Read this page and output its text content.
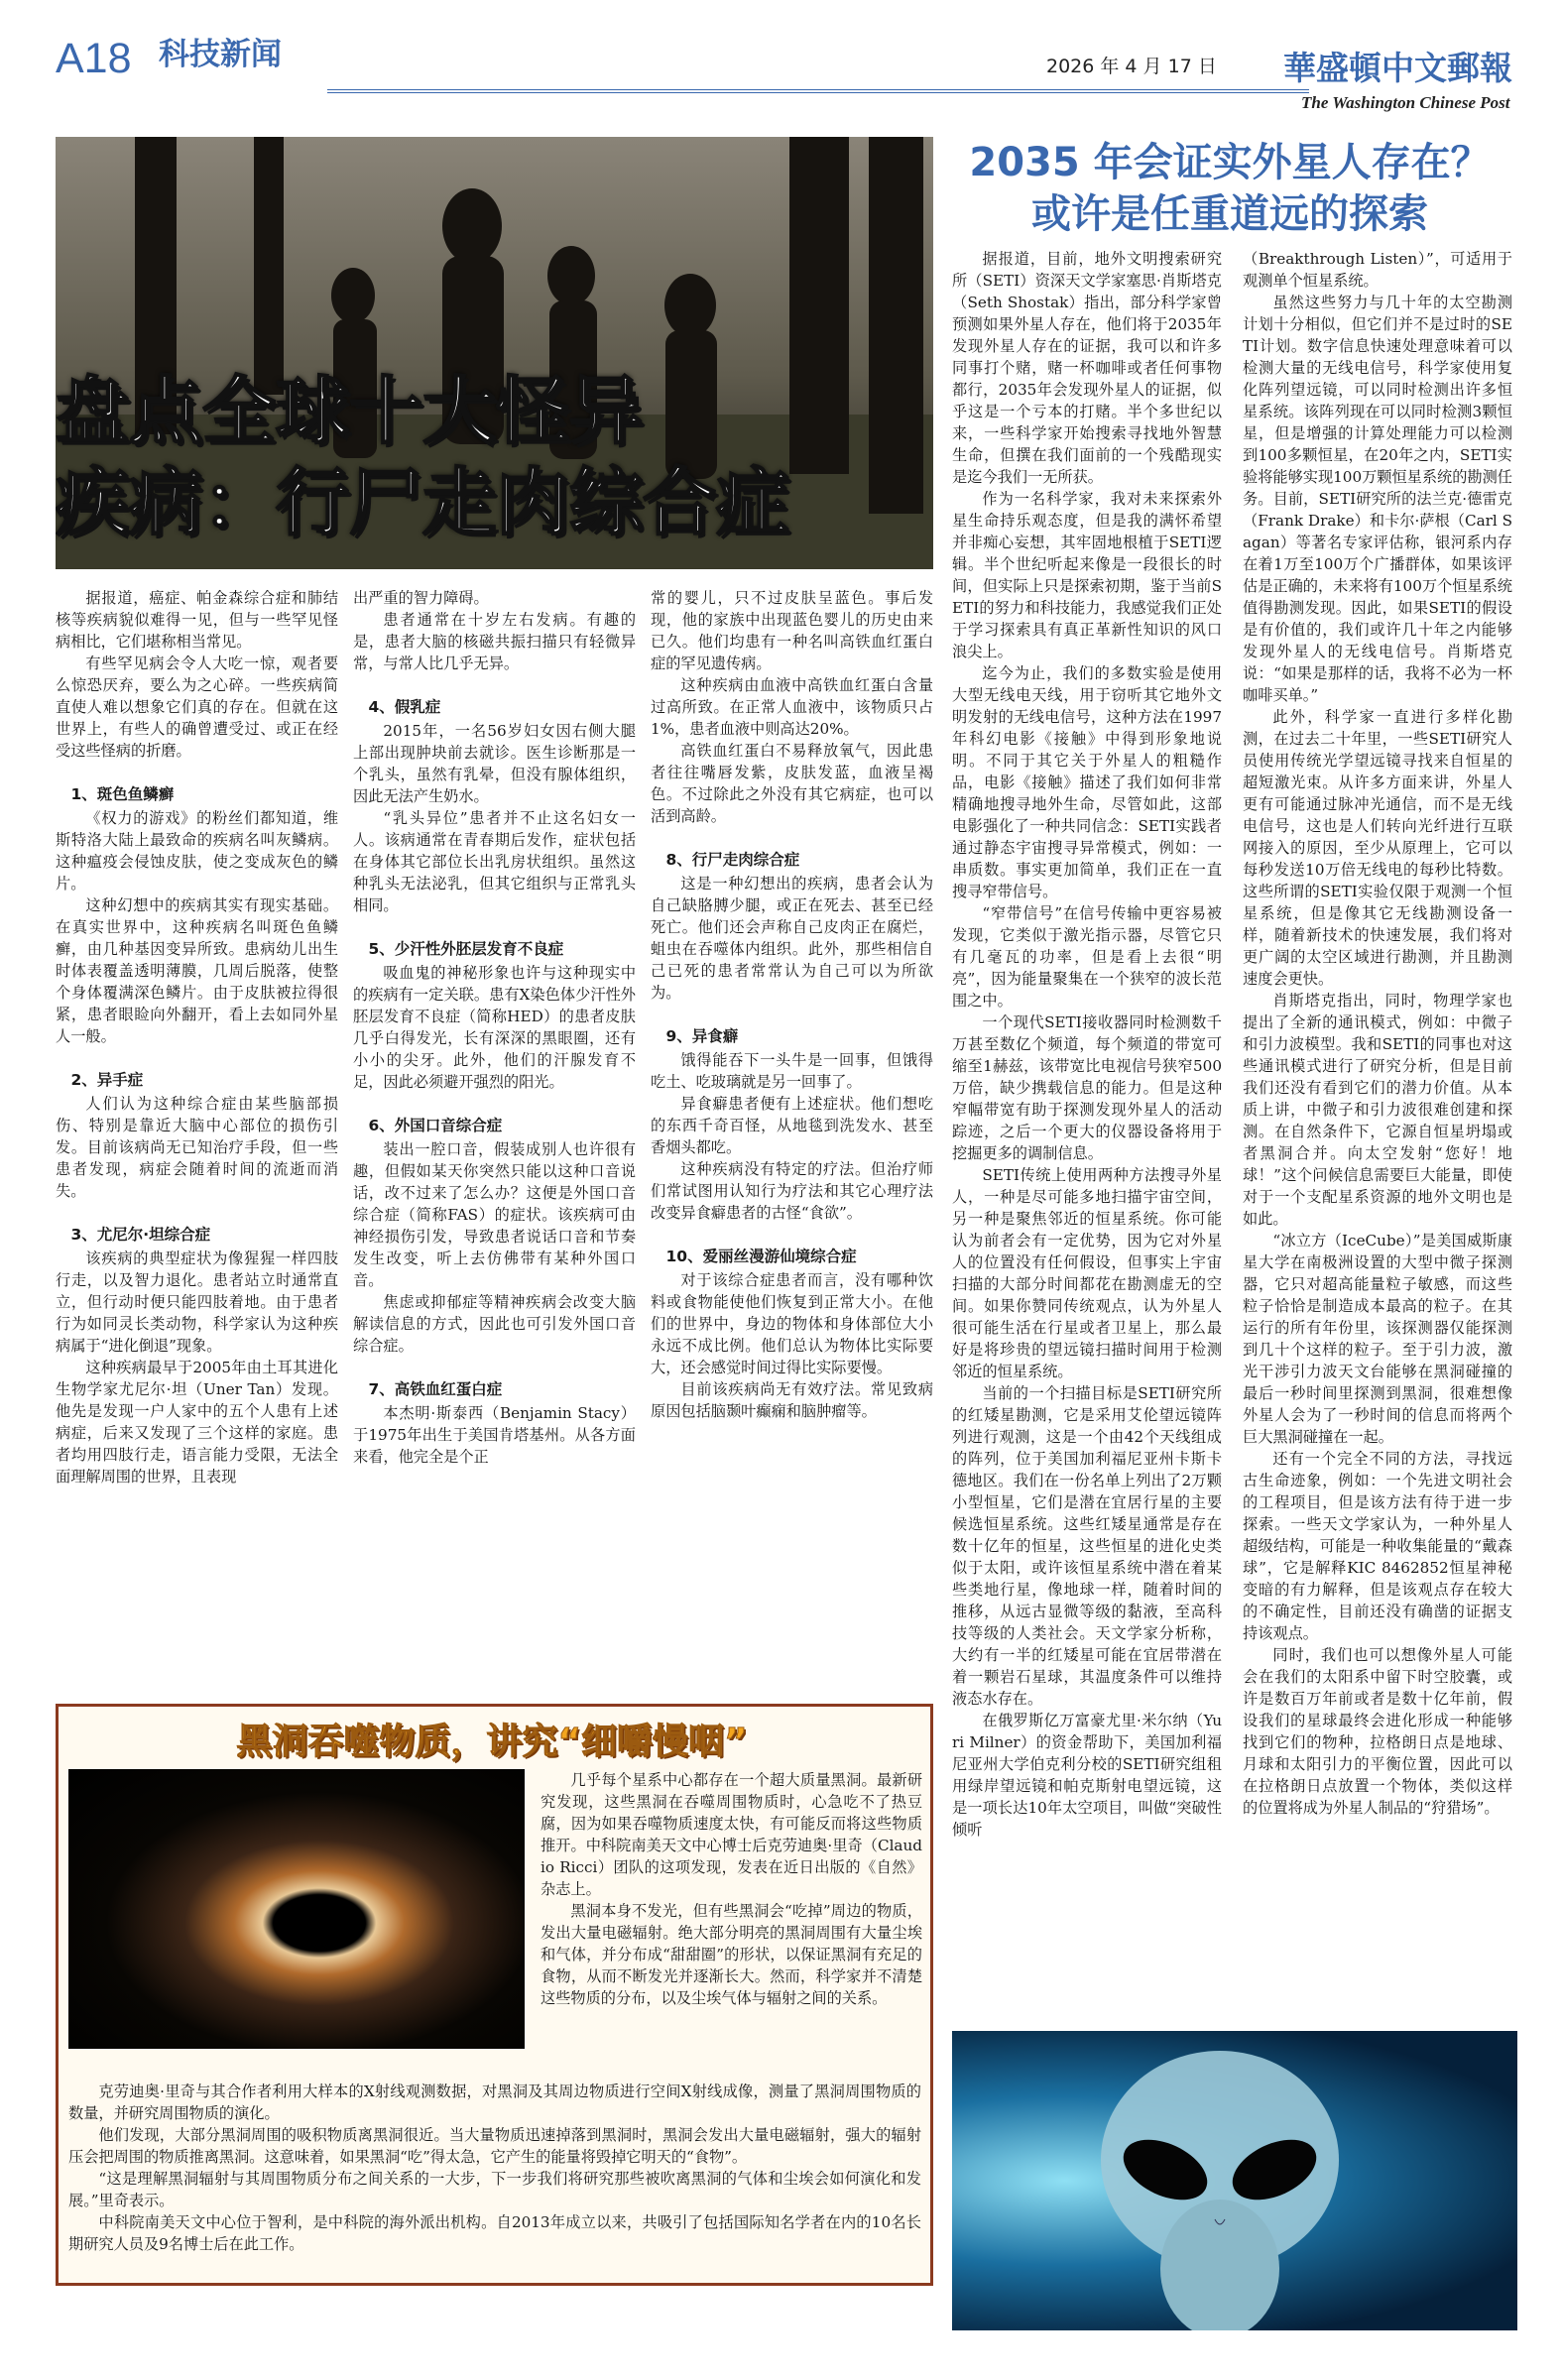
A18 科技新闻	2026 年 4 月 17 日 華盛頓中文郵報
The Washington Chinese Post
盘点全球十大怪异
疾病：行尸走肉综合症

据报道，癌症、帕金森综合症和肺结核等疾病貌似难得一见，但与一些罕见怪病相比，它们堪称相当常见。

有些罕见病会令人大吃一惊，观者要么惊恐厌弃，要么为之心碎。一些疾病简直使人难以想象它们真的存在。但就在这世界上，有些人的确曾遭受过、或正在经受这些怪病的折磨。

1、斑色鱼鳞癣

《权力的游戏》的粉丝们都知道，维斯特洛大陆上最致命的疾病名叫灰鳞病。这种瘟疫会侵蚀皮肤，使之变成灰色的鳞片。

这种幻想中的疾病其实有现实基础。在真实世界中，这种疾病名叫斑色鱼鳞癣，由几种基因变异所致。患病幼儿出生时体表覆盖透明薄膜，几周后脱落，使整个身体覆满深色鳞片。由于皮肤被拉得很紧，患者眼睑向外翻开，看上去如同外星人一般。

2、异手症

人们认为这种综合症由某些脑部损伤、特别是靠近大脑中心部位的损伤引发。目前该病尚无已知治疗手段，但一些患者发现，病症会随着时间的流逝而消失。

3、尤尼尔·坦综合症

该疾病的典型症状为像猩猩一样四肢行走，以及智力退化。患者站立时通常直立，但行动时便只能四肢着地。由于患者行为如同灵长类动物，科学家认为这种疾病属于“进化倒退”现象。

这种疾病最早于2005年由土耳其进化生物学家尤尼尔·坦（Uner Tan）发现。他先是发现一户人家中的五个人患有上述病症，后来又发现了三个这样的家庭。患者均用四肢行走，语言能力受限，无法全面理解周围的世界，且表现

出严重的智力障碍。

患者通常在十岁左右发病。有趣的是，患者大脑的核磁共振扫描只有轻微异常，与常人比几乎无异。

4、假乳症

2015年，一名56岁妇女因右侧大腿上部出现肿块前去就诊。医生诊断那是一个乳头，虽然有乳晕，但没有腺体组织，因此无法产生奶水。

“乳头异位”患者并不止这名妇女一人。该病通常在青春期后发作，症状包括在身体其它部位长出乳房状组织。虽然这种乳头无法泌乳，但其它组织与正常乳头相同。

5、少汗性外胚层发育不良症

吸血鬼的神秘形象也许与这种现实中的疾病有一定关联。患有X染色体少汗性外胚层发育不良症（简称HED）的患者皮肤几乎白得发光，长有深深的黑眼圈，还有小小的尖牙。此外，他们的汗腺发育不足，因此必须避开强烈的阳光。

6、外国口音综合症

装出一腔口音，假装成别人也许很有趣，但假如某天你突然只能以这种口音说话，改不过来了怎么办？这便是外国口音综合症（简称FAS）的症状。该疾病可由神经损伤引发，导致患者说话口音和节奏发生改变，听上去仿佛带有某种外国口音。

焦虑或抑郁症等精神疾病会改变大脑解读信息的方式，因此也可引发外国口音综合症。

7、高铁血红蛋白症

本杰明·斯泰西（Benjamin Stacy）于1975年出生于美国肯塔基州。从各方面来看，他完全是个正

常的婴儿，只不过皮肤呈蓝色。事后发现，他的家族中出现蓝色婴儿的历史由来已久。他们均患有一种名叫高铁血红蛋白症的罕见遗传病。

这种疾病由血液中高铁血红蛋白含量过高所致。在正常人血液中，该物质只占1%，患者血液中则高达20%。

高铁血红蛋白不易释放氧气，因此患者往往嘴唇发紫，皮肤发蓝，血液呈褐色。不过除此之外没有其它病症，也可以活到高龄。

8、行尸走肉综合症

这是一种幻想出的疾病，患者会认为自己缺胳膊少腿，或正在死去、甚至已经死亡。他们还会声称自己皮肉正在腐烂，蛆虫在吞噬体内组织。此外，那些相信自己已死的患者常常认为自己可以为所欲为。

9、异食癖

饿得能吞下一头牛是一回事，但饿得吃土、吃玻璃就是另一回事了。

异食癖患者便有上述症状。他们想吃的东西千奇百怪，从地毯到洗发水、甚至香烟头都吃。

这种疾病没有特定的疗法。但治疗师们常试图用认知行为疗法和其它心理疗法改变异食癖患者的古怪“食欲”。

10、爱丽丝漫游仙境综合症

对于该综合症患者而言，没有哪种饮料或食物能使他们恢复到正常大小。在他们的世界中，身边的物体和身体部位大小永远不成比例。他们总认为物体比实际要大，还会感觉时间过得比实际要慢。

目前该疾病尚无有效疗法。常见致病原因包括脑颞叶癫痫和脑肿瘤等。

2035 年会证实外星人存在？
或许是任重道远的探索

据报道，目前，地外文明搜索研究所（SETI）资深天文学家塞思·肖斯塔克（Seth Shostak）指出，部分科学家曾预测如果外星人存在，他们将于2035年发现外星人存在的证据，我可以和许多同事打个赌，赌一杯咖啡或者任何事物都行，2035年会发现外星人的证据，似乎这是一个亏本的打赌。半个多世纪以来，一些科学家开始搜索寻找地外智慧生命，但撰在我们面前的一个残酷现实是迄今我们一无所获。

作为一名科学家，我对未来探索外星生命持乐观态度，但是我的满怀希望并非痴心妄想，其牢固地根植于SETI逻辑。半个世纪听起来像是一段很长的时间，但实际上只是探索初期，鉴于当前SETI的努力和科技能力，我感觉我们正处于学习探索具有真正革新性知识的风口浪尖上。

迄今为止，我们的多数实验是使用大型无线电天线，用于窃听其它地外文明发射的无线电信号，这种方法在1997年科幻电影《接触》中得到形象地说明。不同于其它关于外星人的粗糙作品，电影《接触》描述了我们如何非常精确地搜寻地外生命，尽管如此，这部电影强化了一种共同信念：SETI实践者通过静态宇宙搜寻异常模式，例如：一串质数。事实更加简单，我们正在一直搜寻窄带信号。

“窄带信号”在信号传输中更容易被发现，它类似于激光指示器，尽管它只有几毫瓦的功率，但是看上去很“明亮”，因为能量聚集在一个狭窄的波长范围之中。

一个现代SETI接收器同时检测数千万甚至数亿个频道，每个频道的带宽可缩至1赫兹，该带宽比电视信号狭窄500万倍，缺少携载信息的能力。但是这种窄幅带宽有助于探测发现外星人的活动踪迹，之后一个更大的仪器设备将用于挖掘更多的调制信息。

SETI传统上使用两种方法搜寻外星人，一种是尽可能多地扫描宇宙空间，另一种是聚焦邻近的恒星系统。你可能认为前者会有一定优势，因为它对外星人的位置没有任何假设，但事实上宇宙扫描的大部分时间都花在勘测虚无的空间。如果你赞同传统观点，认为外星人很可能生活在行星或者卫星上，那么最好是将珍贵的望远镜扫描时间用于检测邻近的恒星系统。

当前的一个扫描目标是SETI研究所的红矮星勘测，它是采用艾伦望远镜阵列进行观测，这是一个由42个天线组成的阵列，位于美国加利福尼亚州卡斯卡德地区。我们在一份名单上列出了2万颗小型恒星，它们是潜在宜居行星的主要候选恒星系统。这些红矮星通常是存在数十亿年的恒星，这些恒星的进化史类似于太阳，或许该恒星系统中潜在着某些类地行星，像地球一样，随着时间的推移，从远古显微等级的黏液，至高科技等级的人类社会。天文学家分析称，大约有一半的红矮星可能在宜居带潜在着一颗岩石星球，其温度条件可以维持液态水存在。

在俄罗斯亿万富豪尤里·米尔纳（Yuri Milner）的资金帮助下，美国加利福尼亚州大学伯克利分校的SETI研究组租用绿岸望远镜和帕克斯射电望远镜，这是一项长达10年太空项目，叫做“突破性倾听

（Breakthrough Listen）”，可适用于观测单个恒星系统。

虽然这些努力与几十年的太空勘测计划十分相似，但它们并不是过时的SETI计划。数字信息快速处理意味着可以检测大量的无线电信号，科学家使用复化阵列望远镜，可以同时检测出许多恒星系统。该阵列现在可以同时检测3颗恒星，但是增强的计算处理能力可以检测到100多颗恒星，在20年之内，SETI实验将能够实现100万颗恒星系统的勘测任务。目前，SETI研究所的法兰克·德雷克（Frank Drake）和卡尔·萨根（Carl Sagan）等著名专家评估称，银河系内存在着1万至100万个广播群体，如果该评估是正确的，未来将有100万个恒星系统值得勘测发现。因此，如果SETI的假设是有价值的，我们或许几十年之内能够发现外星人的无线电信号。肖斯塔克说：“如果是那样的话，我将不必为一杯咖啡买单。”

此外，科学家一直进行多样化勘测，在过去二十年里，一些SETI研究人员使用传统光学望远镜寻找来自恒星的超短激光束。从许多方面来讲，外星人更有可能通过脉冲光通信，而不是无线电信号，这也是人们转向光纤进行互联网接入的原因，至少从原理上，它可以每秒发送10万倍无线电的每秒比特数。这些所谓的SETI实验仅限于观测一个恒星系统，但是像其它无线勘测设备一样，随着新技术的快速发展，我们将对更广阔的太空区域进行勘测，并且勘测速度会更快。

肖斯塔克指出，同时，物理学家也提出了全新的通讯模式，例如：中微子和引力波模型。我和SETI的同事也对这些通讯模式进行了研究分析，但是目前我们还没有看到它们的潜力价值。从本质上讲，中微子和引力波很难创建和探测。在自然条件下，它源自恒星坍塌或者黑洞合并。向太空发射“您好！地球！”这个问候信息需要巨大能量，即使对于一个支配星系资源的地外文明也是如此。

“冰立方（IceCube）”是美国威斯康星大学在南极洲设置的大型中微子探测器，它只对超高能量粒子敏感，而这些粒子恰恰是制造成本最高的粒子。在其运行的所有年份里，该探测器仅能探测到几十个这样的粒子。至于引力波，激光干涉引力波天文台能够在黑洞碰撞的最后一秒时间里探测到黑洞，很难想像外星人会为了一秒时间的信息而将两个巨大黑洞碰撞在一起。

还有一个完全不同的方法，寻找远古生命迹象，例如：一个先进文明社会的工程项目，但是该方法有待于进一步探索。一些天文学家认为，一种外星人超级结构，可能是一种收集能量的“戴森球”，它是解释KIC 8462852恒星神秘变暗的有力解释，但是该观点存在较大的不确定性，目前还没有确凿的证据支持该观点。

同时，我们也可以想像外星人可能会在我们的太阳系中留下时空胶囊，或许是数百万年前或者是数十亿年前，假设我们的星球最终会进化形成一种能够找到它们的物种，拉格朗日点是地球、月球和太阳引力的平衡位置，因此可以在拉格朗日点放置一个物体，类似这样的位置将成为外星人制品的“狩猎场”。

黑洞吞噬物质，讲究“细嚼慢咽”

几乎每个星系中心都存在一个超大质量黑洞。最新研究发现，这些黑洞在吞噬周围物质时，心急吃不了热豆腐，因为如果吞噬物质速度太快，有可能反而将这些物质推开。中科院南美天文中心博士后克劳迪奥·里奇（Claudio Ricci）团队的这项发现，发表在近日出版的《自然》杂志上。

黑洞本身不发光，但有些黑洞会“吃掉”周边的物质，发出大量电磁辐射。绝大部分明亮的黑洞周围有大量尘埃和气体，并分布成“甜甜圈”的形状，以保证黑洞有充足的食物，从而不断发光并逐渐长大。然而，科学家并不清楚这些物质的分布，以及尘埃气体与辐射之间的关系。

克劳迪奥·里奇与其合作者利用大样本的X射线观测数据，对黑洞及其周边物质进行空间X射线成像，测量了黑洞周围物质的数量，并研究周围物质的演化。

他们发现，大部分黑洞周围的吸积物质离黑洞很近。当大量物质迅速掉落到黑洞时，黑洞会发出大量电磁辐射，强大的辐射压会把周围的物质推离黑洞。这意味着，如果黑洞“吃”得太急，它产生的能量将毁掉它明天的“食物”。

“这是理解黑洞辐射与其周围物质分布之间关系的一大步，下一步我们将研究那些被吹离黑洞的气体和尘埃会如何演化和发展。”里奇表示。

中科院南美天文中心位于智利，是中科院的海外派出机构。自2013年成立以来，共吸引了包括国际知名学者在内的10名长期研究人员及9名博士后在此工作。
